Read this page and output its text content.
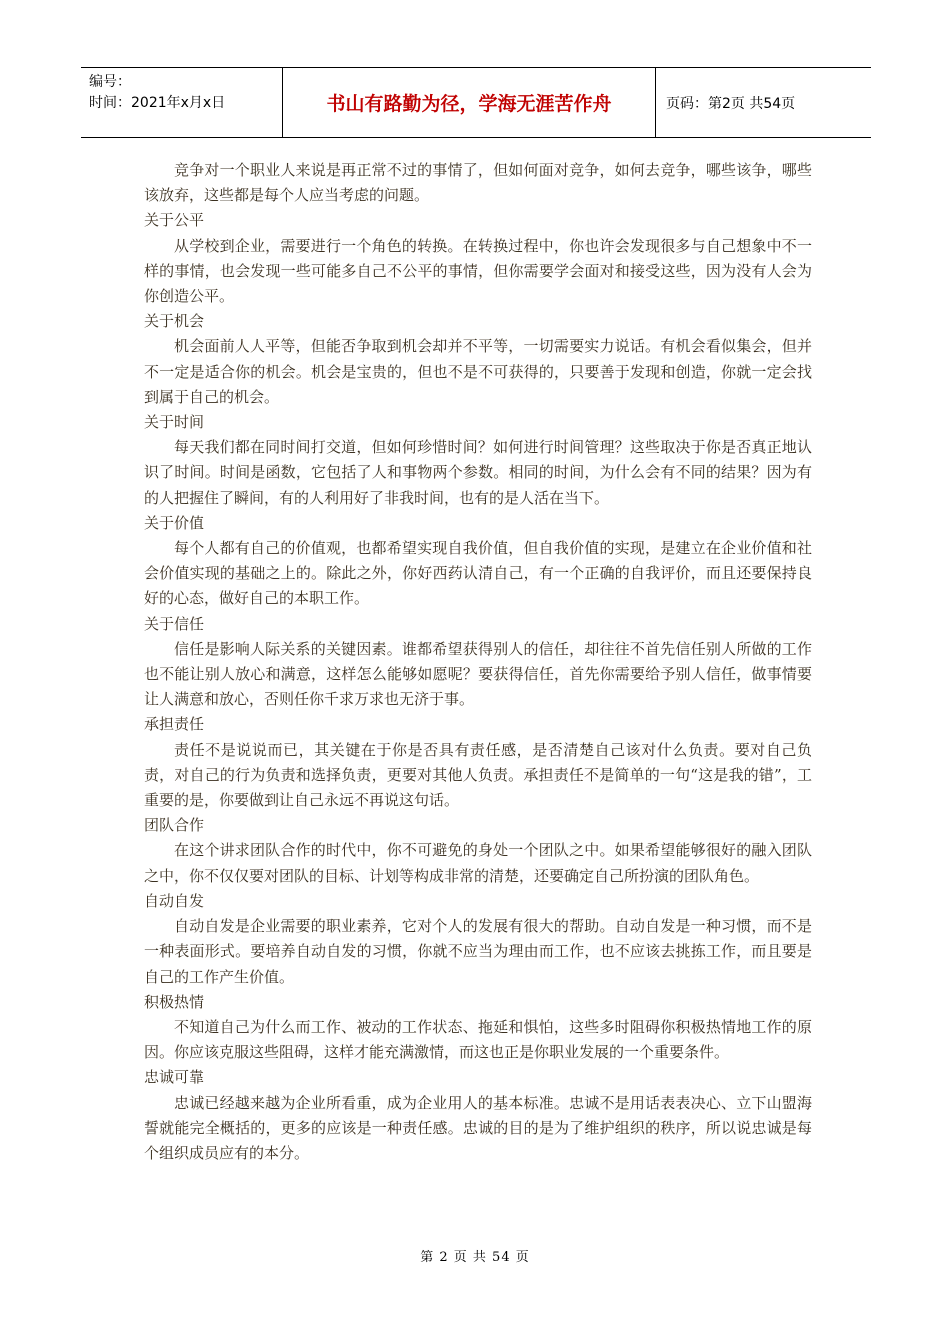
编号：
时间：2021年x月x日	书山有路勤为径，学海无涯苦作舟	页码：第2页 共54页

竞争对一个职业人来说是再正常不过的事情了，但如何面对竞争，如何去竞争，哪些该争，哪些该放弃，这些都是每个人应当考虑的问题。

关于公平

从学校到企业，需要进行一个角色的转换。在转换过程中，你也许会发现很多与自己想象中不一样的事情，也会发现一些可能多自己不公平的事情，但你需要学会面对和接受这些，因为没有人会为你创造公平。

关于机会

机会面前人人平等，但能否争取到机会却并不平等，一切需要实力说话。有机会看似集会，但并不一定是适合你的机会。机会是宝贵的，但也不是不可获得的，只要善于发现和创造，你就一定会找到属于自己的机会。

关于时间

每天我们都在同时间打交道，但如何珍惜时间？如何进行时间管理？这些取决于你是否真正地认识了时间。时间是函数，它包括了人和事物两个参数。相同的时间，为什么会有不同的结果？因为有的人把握住了瞬间，有的人利用好了非我时间，也有的是人活在当下。

关于价值

每个人都有自己的价值观，也都希望实现自我价值，但自我价值的实现，是建立在企业价值和社会价值实现的基础之上的。除此之外，你好西药认清自己，有一个正确的自我评价，而且还要保持良好的心态，做好自己的本职工作。

关于信任

信任是影响人际关系的关键因素。谁都希望获得别人的信任，却往往不首先信任别人所做的工作也不能让别人放心和满意，这样怎么能够如愿呢？要获得信任，首先你需要给予别人信任，做事情要让人满意和放心，否则任你千求万求也无济于事。

承担责任

责任不是说说而已，其关键在于你是否具有责任感，是否清楚自己该对什么负责。要对自己负责，对自己的行为负责和选择负责，更要对其他人负责。承担责任不是简单的一句“这是我的错”，工重要的是，你要做到让自己永远不再说这句话。

团队合作

在这个讲求团队合作的时代中，你不可避免的身处一个团队之中。如果希望能够很好的融入团队之中，你不仅仅要对团队的目标、计划等构成非常的清楚，还要确定自己所扮演的团队角色。

自动自发

自动自发是企业需要的职业素养，它对个人的发展有很大的帮助。自动自发是一种习惯，而不是一种表面形式。要培养自动自发的习惯，你就不应当为理由而工作，也不应该去挑拣工作，而且要是自己的工作产生价值。

积极热情

不知道自己为什么而工作、被动的工作状态、拖延和惧怕，这些多时阻碍你积极热情地工作的原因。你应该克服这些阻碍，这样才能充满激情，而这也正是你职业发展的一个重要条件。

忠诚可靠

忠诚已经越来越为企业所看重，成为企业用人的基本标准。忠诚不是用话表表决心、立下山盟海誓就能完全概括的，更多的应该是一种责任感。忠诚的目的是为了维护组织的秩序，所以说忠诚是每个组织成员应有的本分。

第 2 页 共 54 页
